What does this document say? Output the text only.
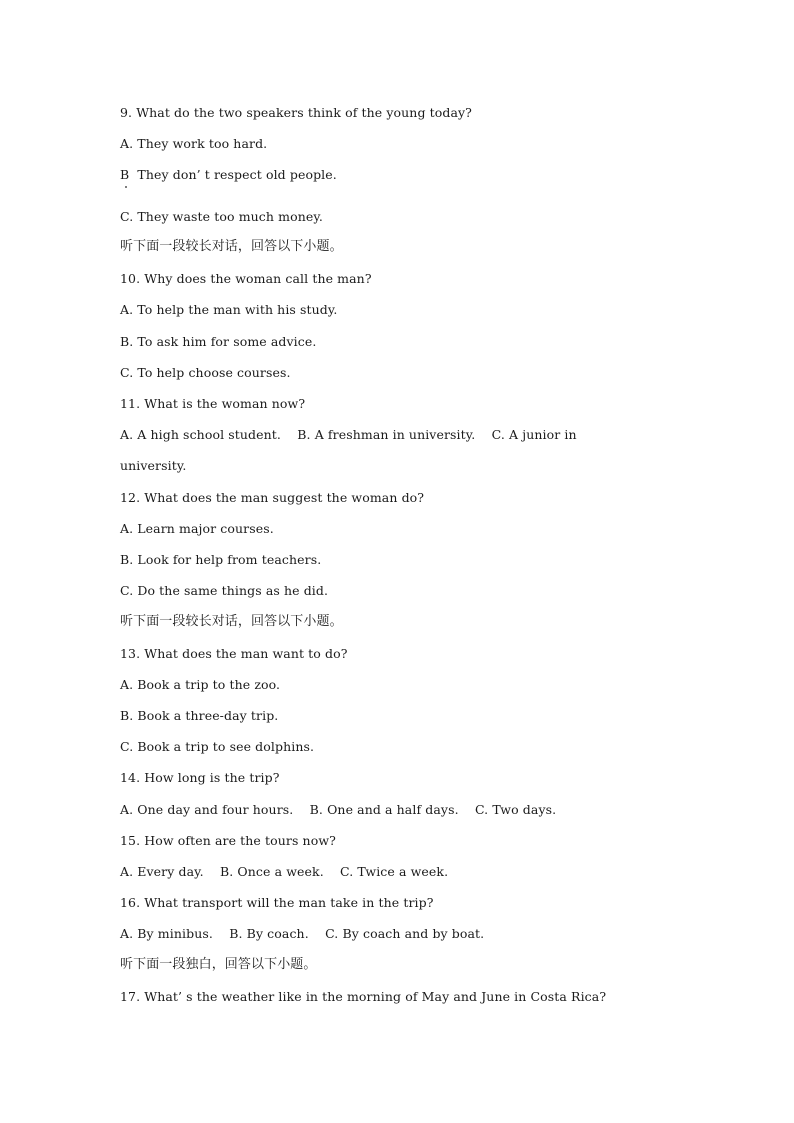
9. What do the two speakers think of the young today?
A. They work too hard.
B  They don’ t respect old people.
C. They waste too much money.
听下面一段较长对话，回答以下小题。
10. Why does the woman call the man?
A. To help the man with his study.
B. To ask him for some advice.
C. To help choose courses.
11. What is the woman now?
A. A high school student.    B. A freshman in university.    C. A junior in
university.
12. What does the man suggest the woman do?
A. Learn major courses.
B. Look for help from teachers.
C. Do the same things as he did.
听下面一段较长对话，回答以下小题。
13. What does the man want to do?
A. Book a trip to the zoo.
B. Book a three-day trip.
C. Book a trip to see dolphins.
14. How long is the trip?
A. One day and four hours.    B. One and a half days.    C. Two days.
15. How often are the tours now?
A. Every day.    B. Once a week.    C. Twice a week.
16. What transport will the man take in the trip?
A. By minibus.    B. By coach.    C. By coach and by boat.
听下面一段独白，回答以下小题。
17. What’ s the weather like in the morning of May and June in Costa Rica?
